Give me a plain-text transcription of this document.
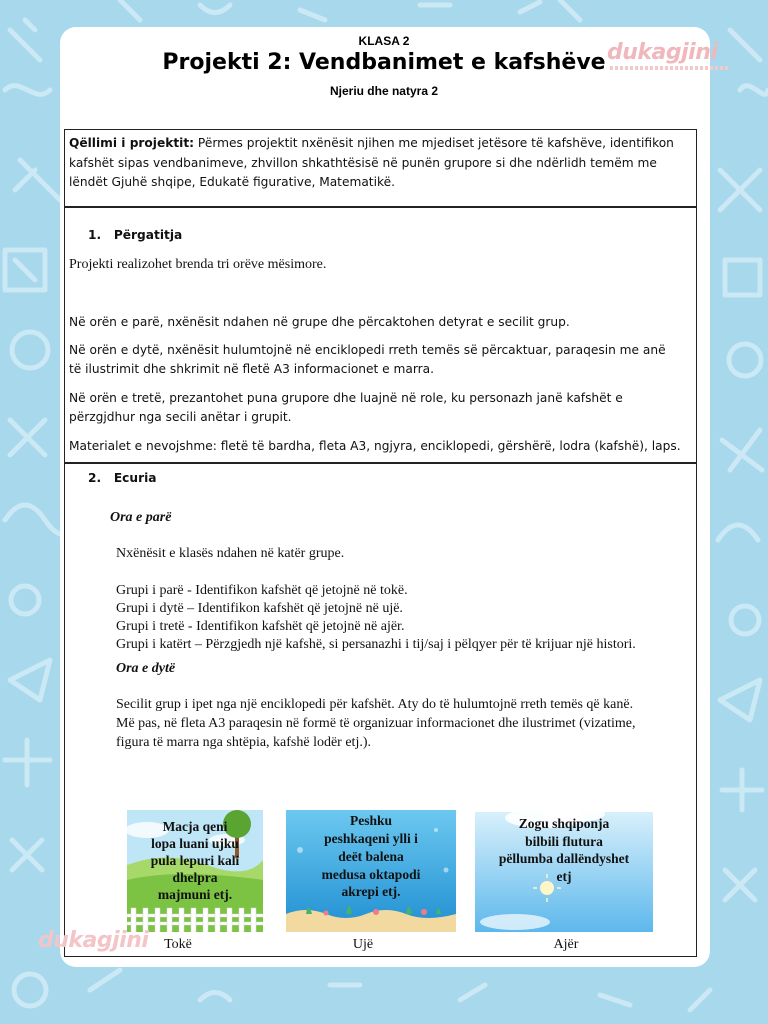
dukagjini
KLASA 2
Projekti 2: Vendbanimet e kafshëve
Njeriu dhe natyra 2
Qëllimi i projektit: Përmes projektit nxënësit njihen me mjediset jetësore të kafshëve, identifikon
kafshët sipas vendbanimeve, zhvillon shkathtësisë në punën grupore si dhe ndërlidh temëm me
lëndët Gjuhë shqipe, Edukatë figurative, Matematikë.
1.   Përgatitja
Projekti realizohet brenda tri orëve mësimore.
Në orën e parë, nxënësit ndahen në grupe dhe përcaktohen detyrat e secilit grup.
Në orën e dytë, nxënësit hulumtojnë në enciklopedi rreth temës së përcaktuar, paraqesin me anë
të ilustrimit dhe shkrimit në fletë A3 informacionet e marra.
Në orën e tretë, prezantohet puna grupore dhe luajnë në role, ku personazh janë kafshët e
përzgjdhur nga secili anëtar i grupit.
Materialet e nevojshme: fletë të bardha, fleta A3, ngjyra, enciklopedi, gërshërë, lodra (kafshë), laps.
2.   Ecuria
Ora e parë
Nxënësit e klasës ndahen në katër grupe.
Grupi i parë - Identifikon kafshët që jetojnë në tokë.
Grupi i dytë – Identifikon kafshët që jetojnë në ujë.
Grupi i tretë - Identifikon kafshët që jetojnë në ajër.
Grupi i katërt – Përzgjedh një kafshë, si persanazhi i tij/saj i pëlqyer për të krijuar një histori.
Ora e dytë
Secilit grup i ipet nga një enciklopedi për kafshët. Aty do të hulumtojnë rreth temës që kanë.
Më pas, në fleta A3 paraqesin në formë të organizuar informacionet dhe ilustrimet (vizatime,
figura të marra nga shtëpia, kafshë lodër etj.).
Macja qeni
lopa luani ujku
pula lepuri kali
dhelpra
majmuni etj.
Tokë
Peshku
peshkaqeni ylli i
deët balena
medusa oktapodi
akrepi etj.
Ujë
Zogu shqiponja
bilbili flutura
pëllumba dallëndyshet
etj
Ajër
dukagjini
